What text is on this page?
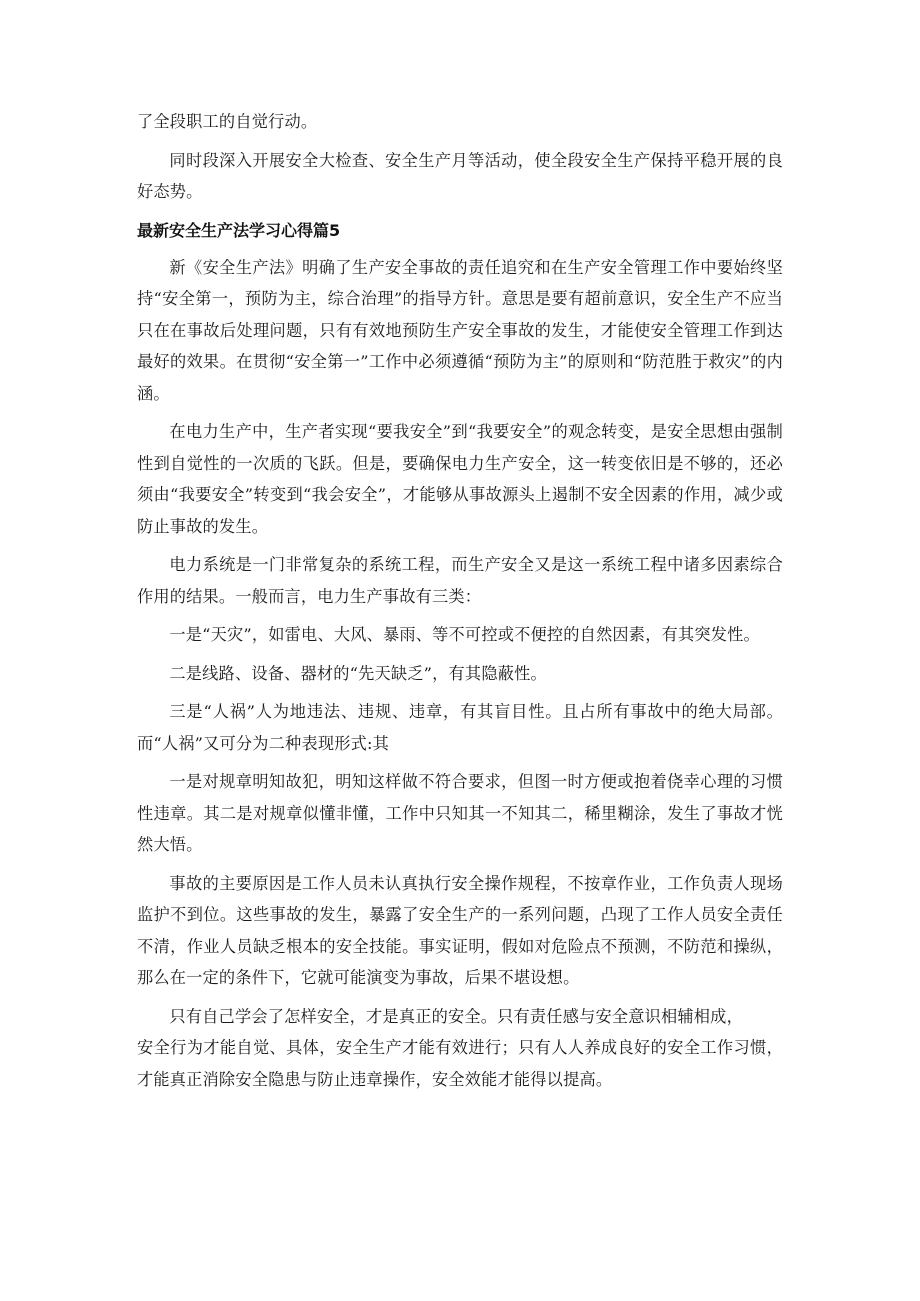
了全段职工的自觉行动。

同时段深入开展安全大检查、安全生产月等活动，使全段安全生产保持平稳开展的良好态势。

最新安全生产法学习心得篇5

新《安全生产法》明确了生产安全事故的责任追究和在生产安全管理工作中要始终坚持“安全第一，预防为主，综合治理”的指导方针。意思是要有超前意识，安全生产不应当只在在事故后处理问题，只有有效地预防生产安全事故的发生，才能使安全管理工作到达最好的效果。在贯彻“安全第一”工作中必须遵循“预防为主”的原则和“防范胜于救灾”的内涵。

在电力生产中，生产者实现“要我安全”到“我要安全”的观念转变，是安全思想由强制性到自觉性的一次质的飞跃。但是，要确保电力生产安全，这一转变依旧是不够的，还必须由“我要安全”转变到“我会安全”，才能够从事故源头上遏制不安全因素的作用，减少或防止事故的发生。

电力系统是一门非常复杂的系统工程，而生产安全又是这一系统工程中诸多因素综合作用的结果。一般而言，电力生产事故有三类：

一是“天灾”，如雷电、大风、暴雨、等不可控或不便控的自然因素，有其突发性。

二是线路、设备、器材的“先天缺乏”，有其隐蔽性。

三是“人祸”人为地违法、违规、违章，有其盲目性。且占所有事故中的绝大局部。而“人祸”又可分为二种表现形式:其

一是对规章明知故犯，明知这样做不符合要求，但图一时方便或抱着侥幸心理的习惯性违章。其二是对规章似懂非懂，工作中只知其一不知其二，稀里糊涂，发生了事故才恍然大悟。

事故的主要原因是工作人员未认真执行安全操作规程，不按章作业，工作负责人现场监护不到位。这些事故的发生，暴露了安全生产的一系列问题，凸现了工作人员安全责任不清，作业人员缺乏根本的安全技能。事实证明，假如对危险点不预测，不防范和操纵，那么在一定的条件下，它就可能演变为事故，后果不堪设想。

只有自己学会了怎样安全，才是真正的安全。只有责任感与安全意识相辅相成，

安全行为才能自觉、具体，安全生产才能有效进行；只有人人养成良好的安全工作习惯，才能真正消除安全隐患与防止违章操作，安全效能才能得以提高。
